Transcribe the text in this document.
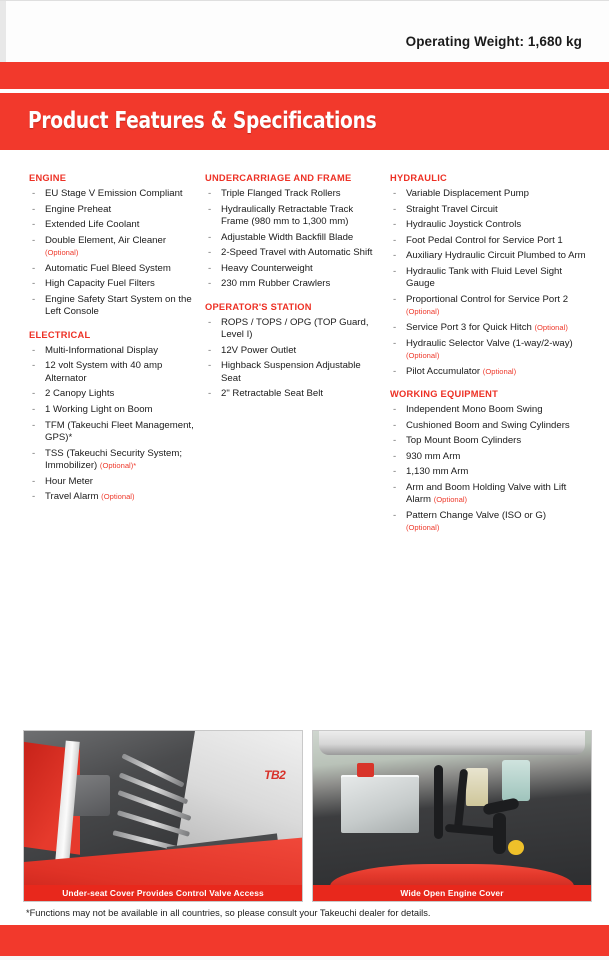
Operating Weight: 1,680 kg
Product Features & Specifications
ENGINE
- EU Stage V Emission Compliant
- Engine Preheat
- Extended Life Coolant
- Double Element, Air Cleaner
(Optional)
- Automatic Fuel Bleed System
- High Capacity Fuel Filters
- Engine Safety Start System on the Left Console
ELECTRICAL
- Multi-Informational Display
- 12 volt System with 40 amp Alternator
- 2 Canopy Lights
- 1 Working Light on Boom
- TFM (Takeuchi Fleet Management, GPS)*
- TSS (Takeuchi Security System; Immobilizer) (Optional)*
- Hour Meter
- Travel Alarm (Optional)
UNDERCARRIAGE AND FRAME
- Triple Flanged Track Rollers
- Hydraulically Retractable Track Frame (980 mm to 1,300 mm)
- Adjustable Width Backfill Blade
- 2-Speed Travel with Automatic Shift
- Heavy Counterweight
- 230 mm Rubber Crawlers
OPERATOR'S STATION
- ROPS / TOPS / OPG (TOP Guard, Level I)
- 12V Power Outlet
- Highback Suspension Adjustable Seat
- 2" Retractable Seat Belt
HYDRAULIC
- Variable Displacement Pump
- Straight Travel Circuit
- Hydraulic Joystick Controls
- Foot Pedal Control for Service Port 1
- Auxiliary Hydraulic Circuit Plumbed to Arm
- Hydraulic Tank with Fluid Level Sight Gauge
- Proportional Control for Service Port 2 (Optional)
- Service Port 3 for Quick Hitch (Optional)
- Hydraulic Selector Valve (1-way/2-way) (Optional)
- Pilot Accumulator (Optional)
WORKING EQUIPMENT
- Independent Mono Boom Swing
- Cushioned Boom and Swing Cylinders
- Top Mount Boom Cylinders
- 930 mm Arm
- 1,130 mm Arm
- Arm and Boom Holding Valve with Lift Alarm (Optional)
- Pattern Change Valve (ISO or G)
(Optional)
TB2
Under-seat Cover Provides Control Valve Access	Wide Open Engine Cover
*Functions may not be available in all countries, so please consult your Takeuchi dealer for details.
